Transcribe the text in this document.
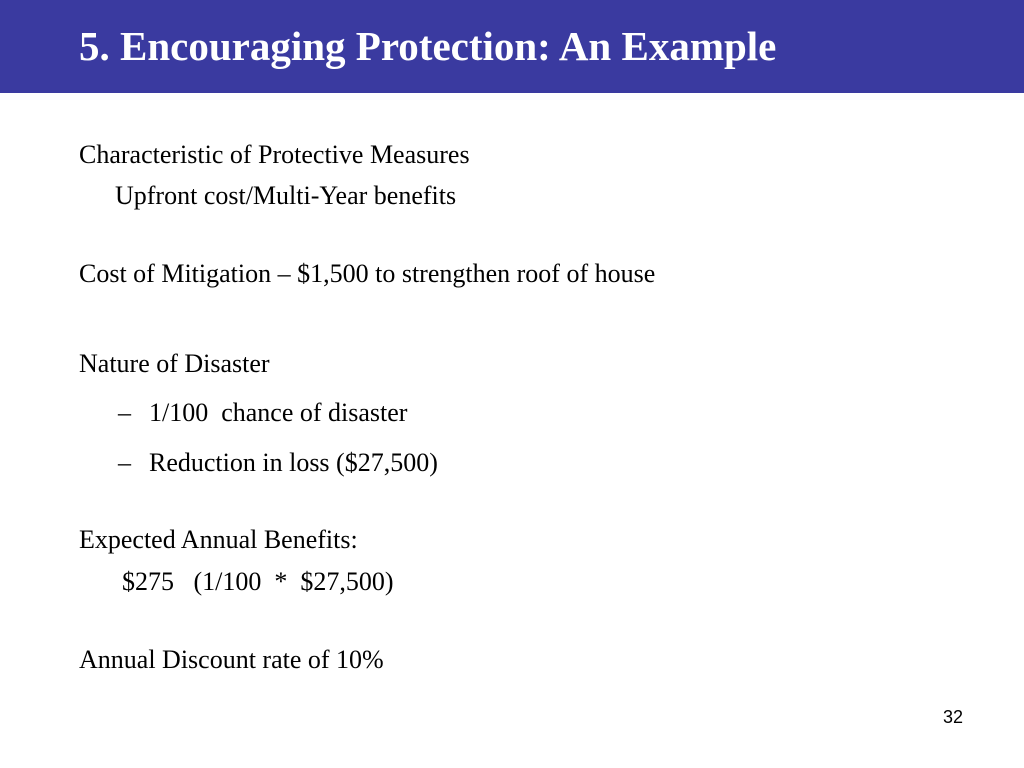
5. Encouraging Protection: An Example
Characteristic of Protective Measures
Upfront cost/Multi-Year benefits
Cost of Mitigation – $1,500 to strengthen roof of house
Nature of Disaster
– 1/100  chance of disaster
– Reduction in loss ($27,500)
Expected Annual Benefits:
$275   (1/100  *  $27,500)
Annual Discount rate of 10%
32
